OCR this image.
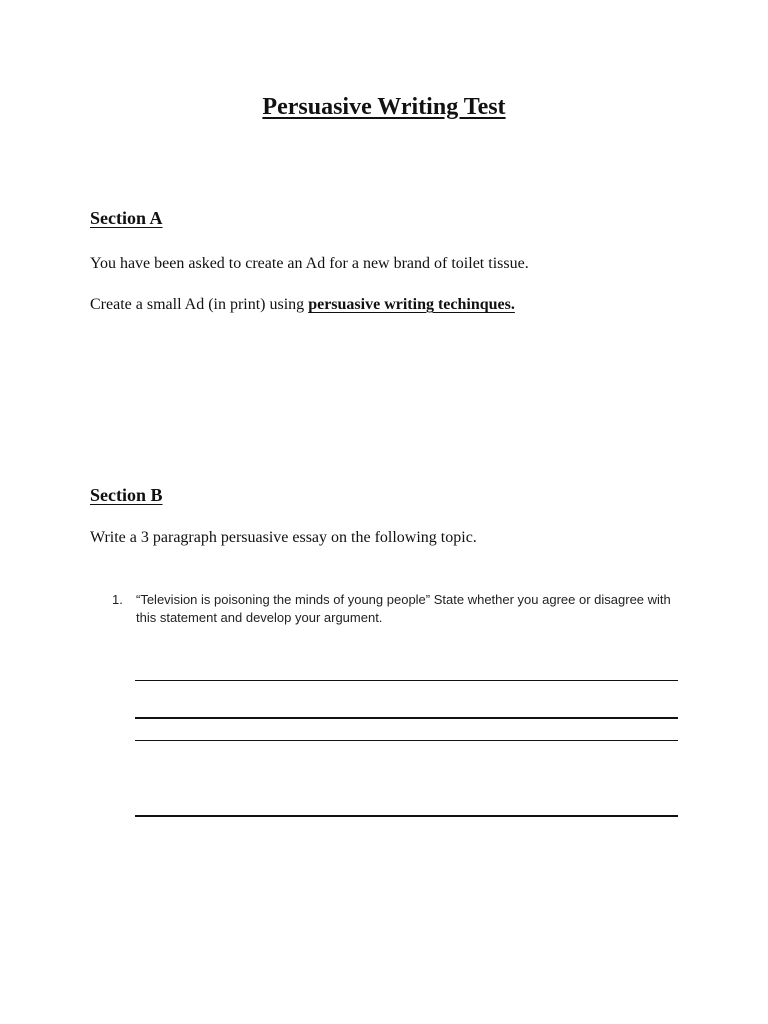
Persuasive Writing Test
Section A

You have been asked to create an Ad for a new brand of toilet tissue.

Create a small Ad (in print) using persuasive writing techinques.

Section B

Write a 3 paragraph persuasive essay on the following topic.

1. “Television is poisoning the minds of young people” State whether you agree or disagree with this statement and develop your argument.
